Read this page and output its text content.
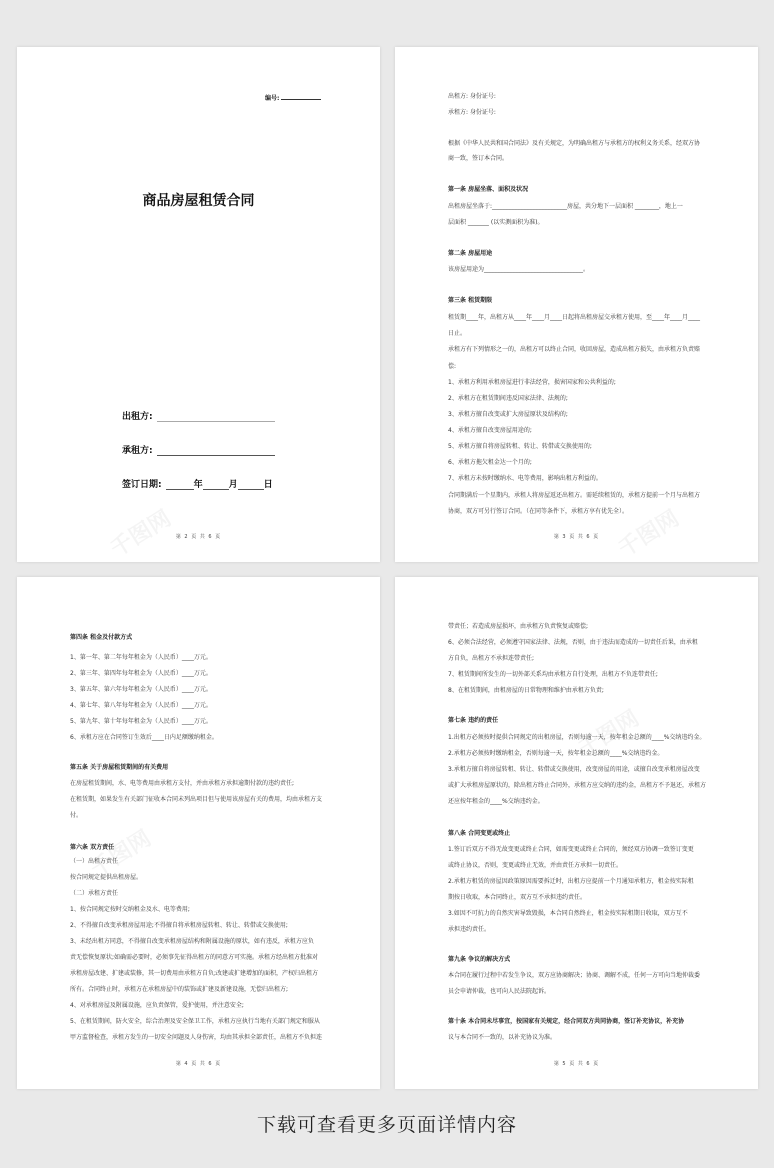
编号:
商品房屋租赁合同
出租方:
承租方:
签订日期:	年	月	日
第 2 页 共 6 页	第 3 页 共 6 页
出租方: 身份证号:
承租方: 身份证号:
根据《中华人民共和国合同法》及有关规定，为明确出租方与承租方的权利义务关系，经双方协
商一致，签订本合同。
第一条 房屋坐落、面积及状况
出租房屋坐落于:_________________________房屋，共分地下一层面积 ________，地上一
层面积 _______ (以实测面积为准)。
第二条 房屋用途
该房屋用途为_________________________________。
第三条 租赁期限
租赁期____年，出租方从____年____月____日起将出租房屋交承租方使用，至____年____月____
日止。
承租方有下列情形之一的，出租方可以终止合同，收回房屋，造成出租方损失，由承租方负责赔
偿:
1、承租方利用承租房屋进行非法经营，损害国家和公共利益的;
2、承租方在租赁期间违反国家法律、法规的;
3、承租方擅自改变或扩大房屋原状及结构的;
4、承租方擅自改变房屋用途的;
5、承租方擅自将房屋转租、转让、转借或交换使用的;
6、承租方拖欠租金达一个月的;
7、承租方未按时缴纳水、电等费用，影响出租方利益的。
合同期满后一个星期内，承租人将房屋返还出租方。需延续租赁的，承租方提前一个月与出租方
协商，双方可另行签订合同。（在同等条件下，承租方享有优先全）。
第 4 页 共 6 页
第四条 租金及付款方式
1、第一年、第二年每年租金为（人民币）____万元。
2、第三年、第四年每年租金为（人民币）____万元。
3、第五年、第六年每年租金为（人民币）____万元。
4、第七年、第八年每年租金为（人民币）____万元。
5、第九年、第十年每年租金为（人民币）____万元。
6、承租方应在合同签订生效后____日内足额缴纳租金。
第五条 关于房屋租赁期间的有关费用
在房屋租赁期间，水、电等费用由承租方支付，并由承租方承担逾期付款的违约责任;
在租赁期，如果发生有关部门征收本合同未列出项目但与使用该房屋有关的费用，均由承租方支
付。
第六条 双方责任
（一）出租方责任
按合同规定提供出租房屋。
（二）承租方责任
1、按合同规定按时交纳租金及水、电等费用;
2、不得擅自改变承租房屋用途;不得擅自将承租房屋转租、转让、转借或交换使用;
3、未经出租方同意，不得擅自改变承租房屋结构和附属设施的原状，如有违反，承租方应负
责无偿恢复原状;如确需必要时，必须事先征得出租方的同意方可实施。承租方经出租方批准对
承租房屋改建、扩建或装修，其一切费用由承租方自负;改建或扩建增加的面积，产权归出租方
所有。合同终止时，承租方在承租房屋中的装饰或扩建及新建设施，无偿归出租方;
4、对承租房屋及附属设施，应负责保管，爱护使用，并注意安全;
5、在租赁期间，防火安全，综合治理及安全保卫工作，承租方应执行当地有关部门规定和服从
甲方监督检查，承租方发生的一切安全问题及人身伤害，均由其承担全部责任，出租方不负担连
第 5 页 共 6 页
带责任；若造成房屋损坏，由承租方负责恢复或赔偿;
6、必须合法经营，必须遵守国家法律、法规，否则，由于违法而造成的一切责任后果，由承租
方自负，出租方不承担连带责任;
7、租赁期间所发生的一切外部关系均由承租方自行处理，出租方不负连带责任;
8、在租赁期间，由租房屋的日常物理和维护由承租方负责;
第七条 违约的责任
1.出租方必须按时提供合同规定的出租房屋，否则每逾一天，按年租金总额的____%交纳违约金。
2.承租方必须按时缴纳租金，否则每逾一天，按年租金总额的____%交纳违约金。
3.承租方擅自将房屋转租、转让、转借或交换使用，改变房屋的用途，或擅自改变承租房屋改变
或扩大承租房屋原状的，除出租方终止合同外，承租方应交纳的违约金，出租方不予退还，承租方
还应按年租金的____%交纳违约金。
第八条 合同变更或终止
1.签订后双方不得无故变更或终止合同，如需变更或终止合同的，须经双方协调一致签订变更
或终止协议，否则，变更或终止无效，并由责任方承担一切责任。
2.承租方租赁的房屋因政策原因需要拆迁时，出租方应提前一个月通知承租方，租金按实际租
期按日收取，本合同终止，双方互不承担违约责任。
3.如因不可抗力的自然灾害导致毁损，本合同自然终止，租金按实际租期日收取，双方互不
承担违约责任。
第九条 争议的解决方式
本合同在履行过程中若发生争议，双方应协商解决；协商、调解不成，任何一方可向当地仲裁委
员会申请仲裁，也可向人民法院起诉。
第十条 本合同未尽事宜，按国家有关规定，经合同双方共同协商，签订补充协议，补充协
议与本合同不一致的，以补充协议为准。
下载可查看更多页面详情内容
